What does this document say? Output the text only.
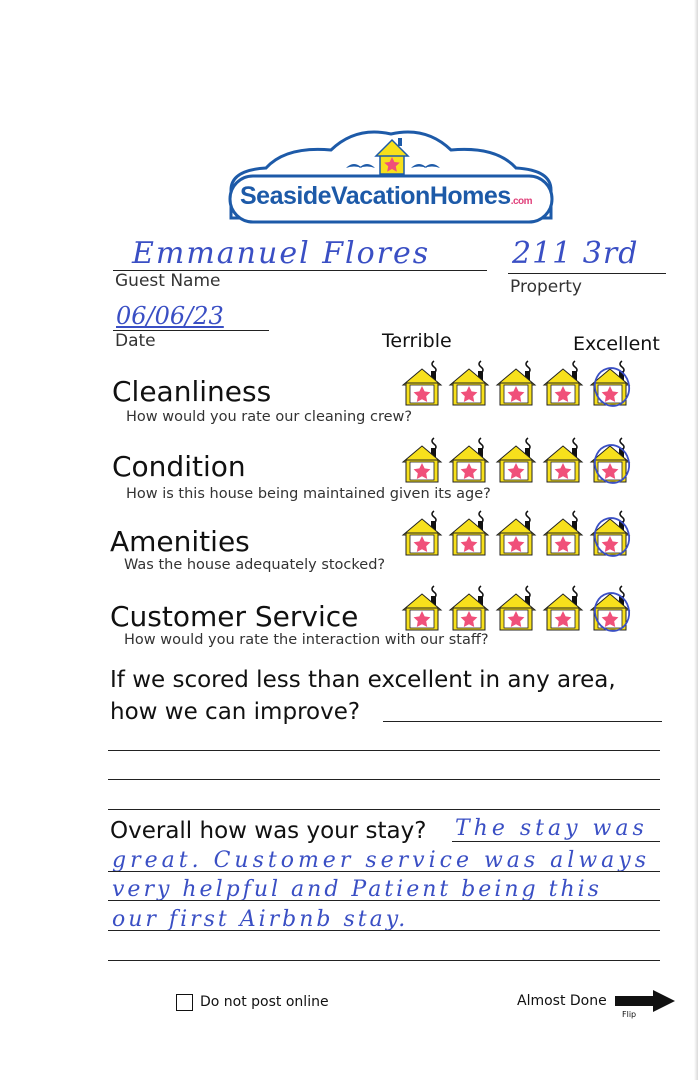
SeasideVacationHomes.com
Emmanuel Flores
Guest Name
211 3rd
Property
06/06/23
Date	Terrible	Excellent
Cleanliness
How would you rate our cleaning crew?
Condition
How is this house being maintained given its age?
Amenities
Was the house adequately stocked?
Customer Service
How would you rate the interaction with our staff?
If we scored less than excellent in any area,
how we can improve?
Overall how was your stay? The stay was
great. Customer service was always
very helpful and Patient being this
our first Airbnb stay.
Do not post online	Almost Done
Flip
